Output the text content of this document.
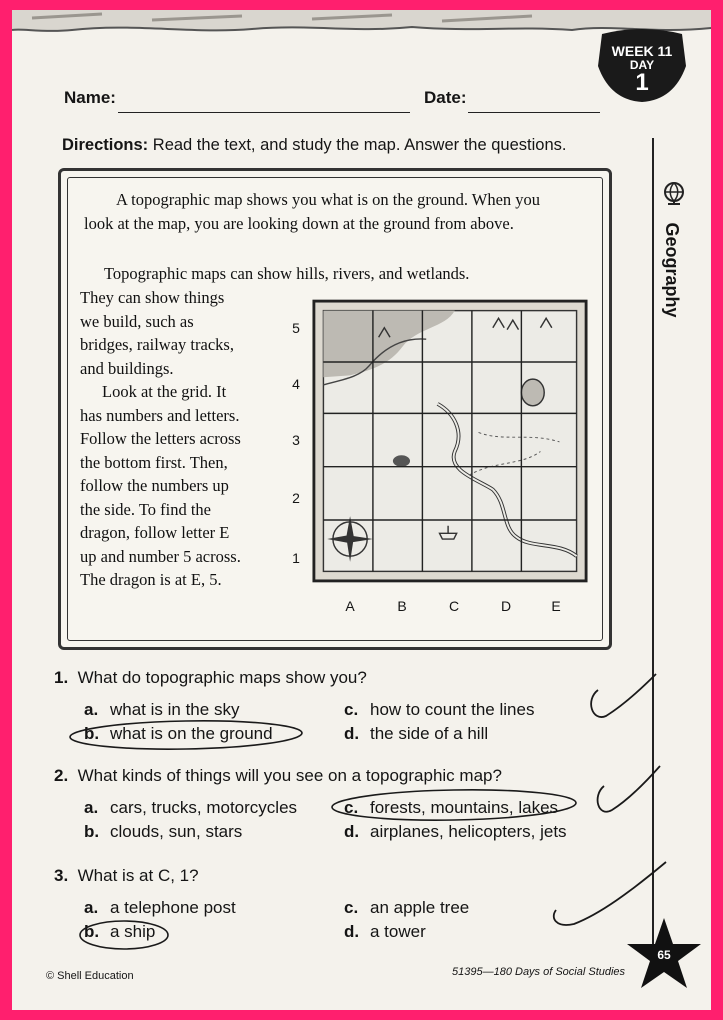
WEEK 11
DAY
1
Geography
Name:	Date:
Directions: Read the text, and study the map. Answer the questions.
A topographic map shows you what is on the ground. When you look at the map, you are looking down at the ground from above.
Topographic maps can show hills, rivers, and wetlands.
They can show things
we build, such as
bridges, railway tracks,
and buildings.
Look at the grid. It
has numbers and letters.
Follow the letters across
the bottom first. Then,
follow the numbers up
the side. To find the
dragon, follow letter E
up and number 5 across.
The dragon is at E, 5.
5
4
3
2
1
A	B	C	D	E
1. What do topographic maps show you?
a. what is in the sky
b. what is on the ground
c. how to count the lines
d. the side of a hill
2. What kinds of things will you see on a topographic map?
a. cars, trucks, motorcycles
b. clouds, sun, stars
c. forests, mountains, lakes
d. airplanes, helicopters, jets
3. What is at C, 1?
a. a telephone post
b. a ship
c. an apple tree
d. a tower
© Shell Education	51395—180 Days of Social Studies
65
